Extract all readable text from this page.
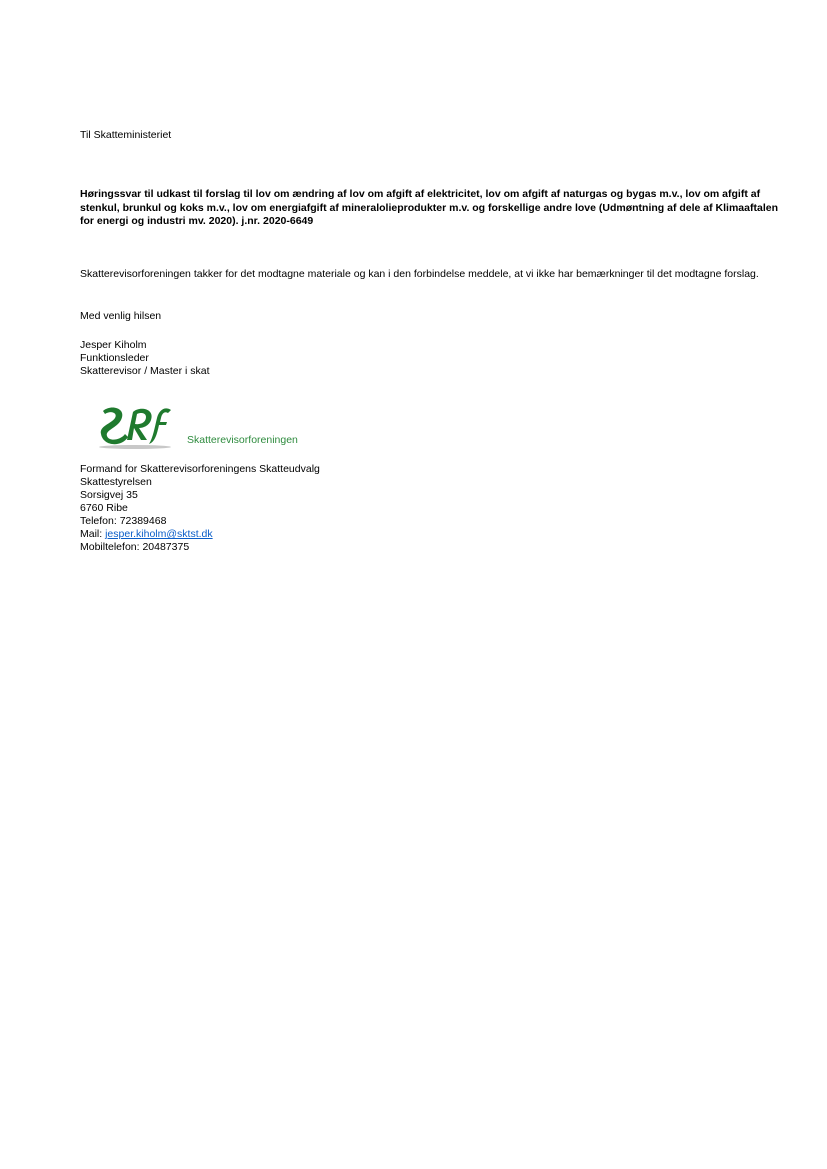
Til Skatteministeriet
Høringssvar til udkast til forslag til lov om ændring af lov om afgift af elektricitet, lov om afgift af naturgas og bygas m.v., lov om afgift af stenkul, brunkul og koks m.v., lov om energiafgift af mineralolieprodukter m.v. og forskellige andre love (Udmøntning af dele af Klimaaftalen for energi og industri mv. 2020). j.nr. 2020-6649
Skatterevisorforeningen takker for det modtagne materiale og kan i den forbindelse meddele, at vi ikke har bemærkninger til det modtagne forslag.
Med venlig hilsen
Jesper Kiholm
Funktionsleder
Skatterevisor / Master i skat
Skatterevisorforeningen
Formand for Skatterevisorforeningens Skatteudvalg
Skattestyrelsen
Sorsigvej 35
6760 Ribe
Telefon: 72389468
Mail: jesper.kiholm@sktst.dk
Mobiltelefon: 20487375
